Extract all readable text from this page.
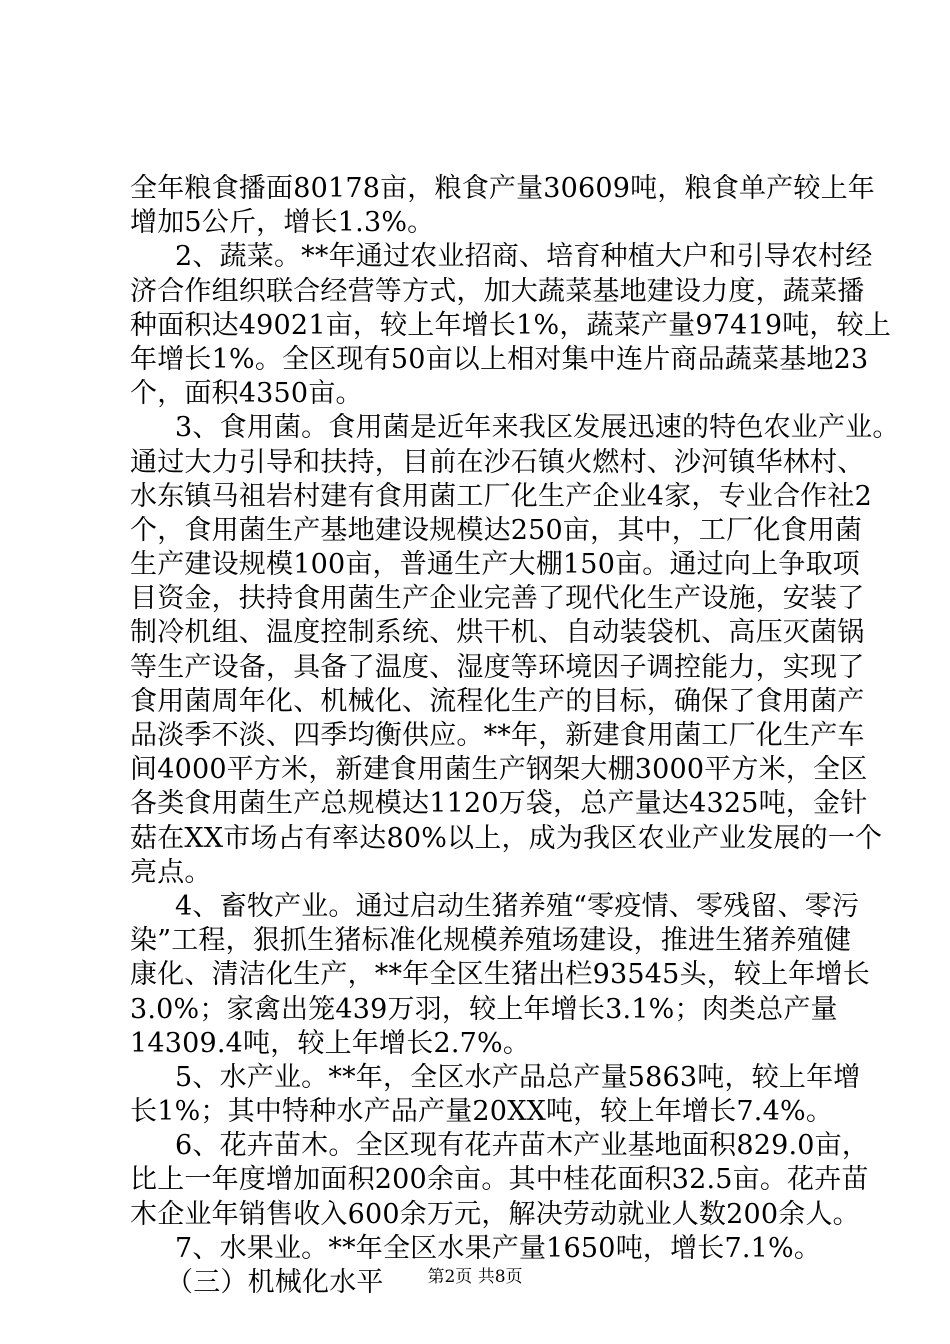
全年粮食播面80178亩，粮食产量30609吨，粮食单产较上年
增加5公斤，增长1.3%。
2、蔬菜。**年通过农业招商、培育种植大户和引导农村经
济合作组织联合经营等方式，加大蔬菜基地建设力度，蔬菜播
种面积达49021亩，较上年增长1%，蔬菜产量97419吨，较上
年增长1%。全区现有50亩以上相对集中连片商品蔬菜基地23
个，面积4350亩。
3、食用菌。食用菌是近年来我区发展迅速的特色农业产业。
通过大力引导和扶持，目前在沙石镇火燃村、沙河镇华林村、
水东镇马祖岩村建有食用菌工厂化生产企业4家，专业合作社2
个，食用菌生产基地建设规模达250亩，其中，工厂化食用菌
生产建设规模100亩，普通生产大棚150亩。通过向上争取项
目资金，扶持食用菌生产企业完善了现代化生产设施，安装了
制冷机组、温度控制系统、烘干机、自动装袋机、高压灭菌锅
等生产设备，具备了温度、湿度等环境因子调控能力，实现了
食用菌周年化、机械化、流程化生产的目标，确保了食用菌产
品淡季不淡、四季均衡供应。**年，新建食用菌工厂化生产车
间4000平方米，新建食用菌生产钢架大棚3000平方米，全区
各类食用菌生产总规模达1120万袋，总产量达4325吨，金针
菇在XX市场占有率达80%以上，成为我区农业产业发展的一个
亮点。
4、畜牧产业。通过启动生猪养殖“零疫情、零残留、零污
染”工程，狠抓生猪标准化规模养殖场建设，推进生猪养殖健
康化、清洁化生产，**年全区生猪出栏93545头，较上年增长
3.0%；家禽出笼439万羽，较上年增长3.1%；肉类总产量
14309.4吨，较上年增长2.7%。
5、水产业。**年，全区水产品总产量5863吨，较上年增
长1%；其中特种水产品产量20XX吨，较上年增长7.4%。
6、花卉苗木。全区现有花卉苗木产业基地面积829.0亩，
比上一年度增加面积200余亩。其中桂花面积32.5亩。花卉苗
木企业年销售收入600余万元，解决劳动就业人数200余人。
7、水果业。**年全区水果产量1650吨，增长7.1%。
（三）机械化水平	第2页 共8页
